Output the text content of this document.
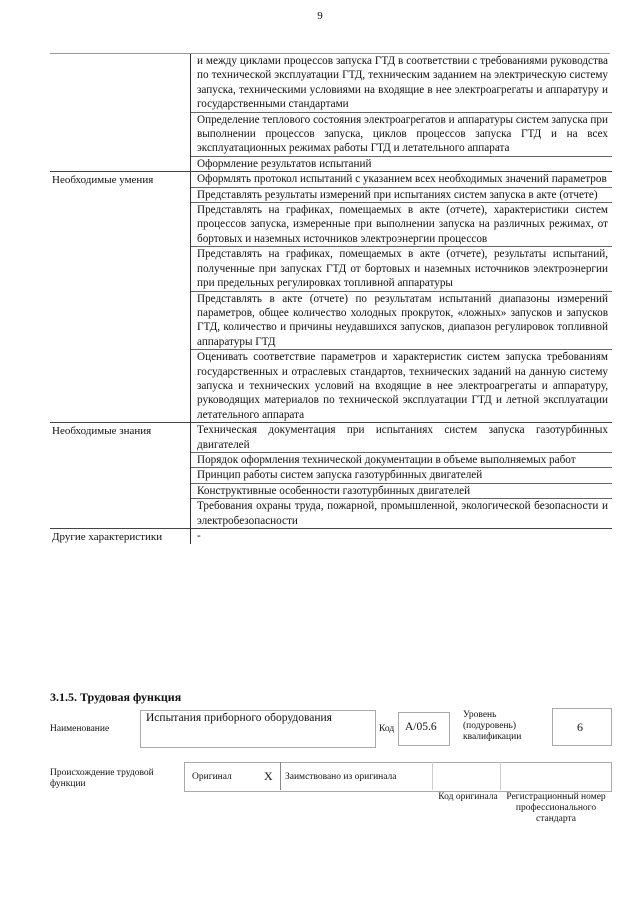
9
и между циклами процессов запуска ГТД в соответствии с требованиями руководства по технической эксплуатации ГТД, техническим заданием на электрическую систему запуска, техническими условиями на входящие в нее электроагрегаты и аппаратуру и государственными стандартами
Определение теплового состояния электроагрегатов и аппаратуры систем запуска при выполнении процессов запуска, циклов процессов запуска ГТД и на всех эксплуатационных режимах работы ГТД и летательного аппарата
Оформление результатов испытаний
Необходимые умения	Оформлять протокол испытаний с указанием всех необходимых значений параметров
Представлять результаты измерений при испытаниях систем запуска в акте (отчете)
Представлять на графиках, помещаемых в акте (отчете), характеристики систем процессов запуска, измеренные при выполнении запуска на различных режимах, от бортовых и наземных источников электроэнергии процессов
Представлять на графиках, помещаемых в акте (отчете), результаты испытаний, полученные при запусках ГТД от бортовых и наземных источников электроэнергии при предельных регулировках топливной аппаратуры
Представлять в акте (отчете) по результатам испытаний диапазоны измерений параметров, общее количество холодных прокруток, «ложных» запусков и запусков ГТД, количество и причины неудавшихся запусков, диапазон регулировок топливной аппаратуры ГТД
Оценивать соответствие параметров и характеристик систем запуска требованиям государственных и отраслевых стандартов, технических заданий на данную систему запуска и технических условий на входящие в нее электроагрегаты и аппаратуру, руководящих материалов по технической эксплуатации ГТД и летной эксплуатации летательного аппарата
Необходимые знания	Техническая документация при испытаниях систем запуска газотурбинных двигателей
Порядок оформления технической документации в объеме выполняемых работ
Принцип работы систем запуска газотурбинных двигателей
Конструктивные особенности газотурбинных двигателей
Требования охраны труда, пожарной, промышленной, экологической безопасности и электробезопасности
Другие характеристики	-
3.1.5. Трудовая функция
Наименование
Испытания приборного оборудования
Код А/05.6
Уровень (подуровень) квалификации
6
Происхождение трудовой функции
Оригинал	X Заимствовано из оригинала
Код оригинала Регистрационный номер профессионального стандарта
